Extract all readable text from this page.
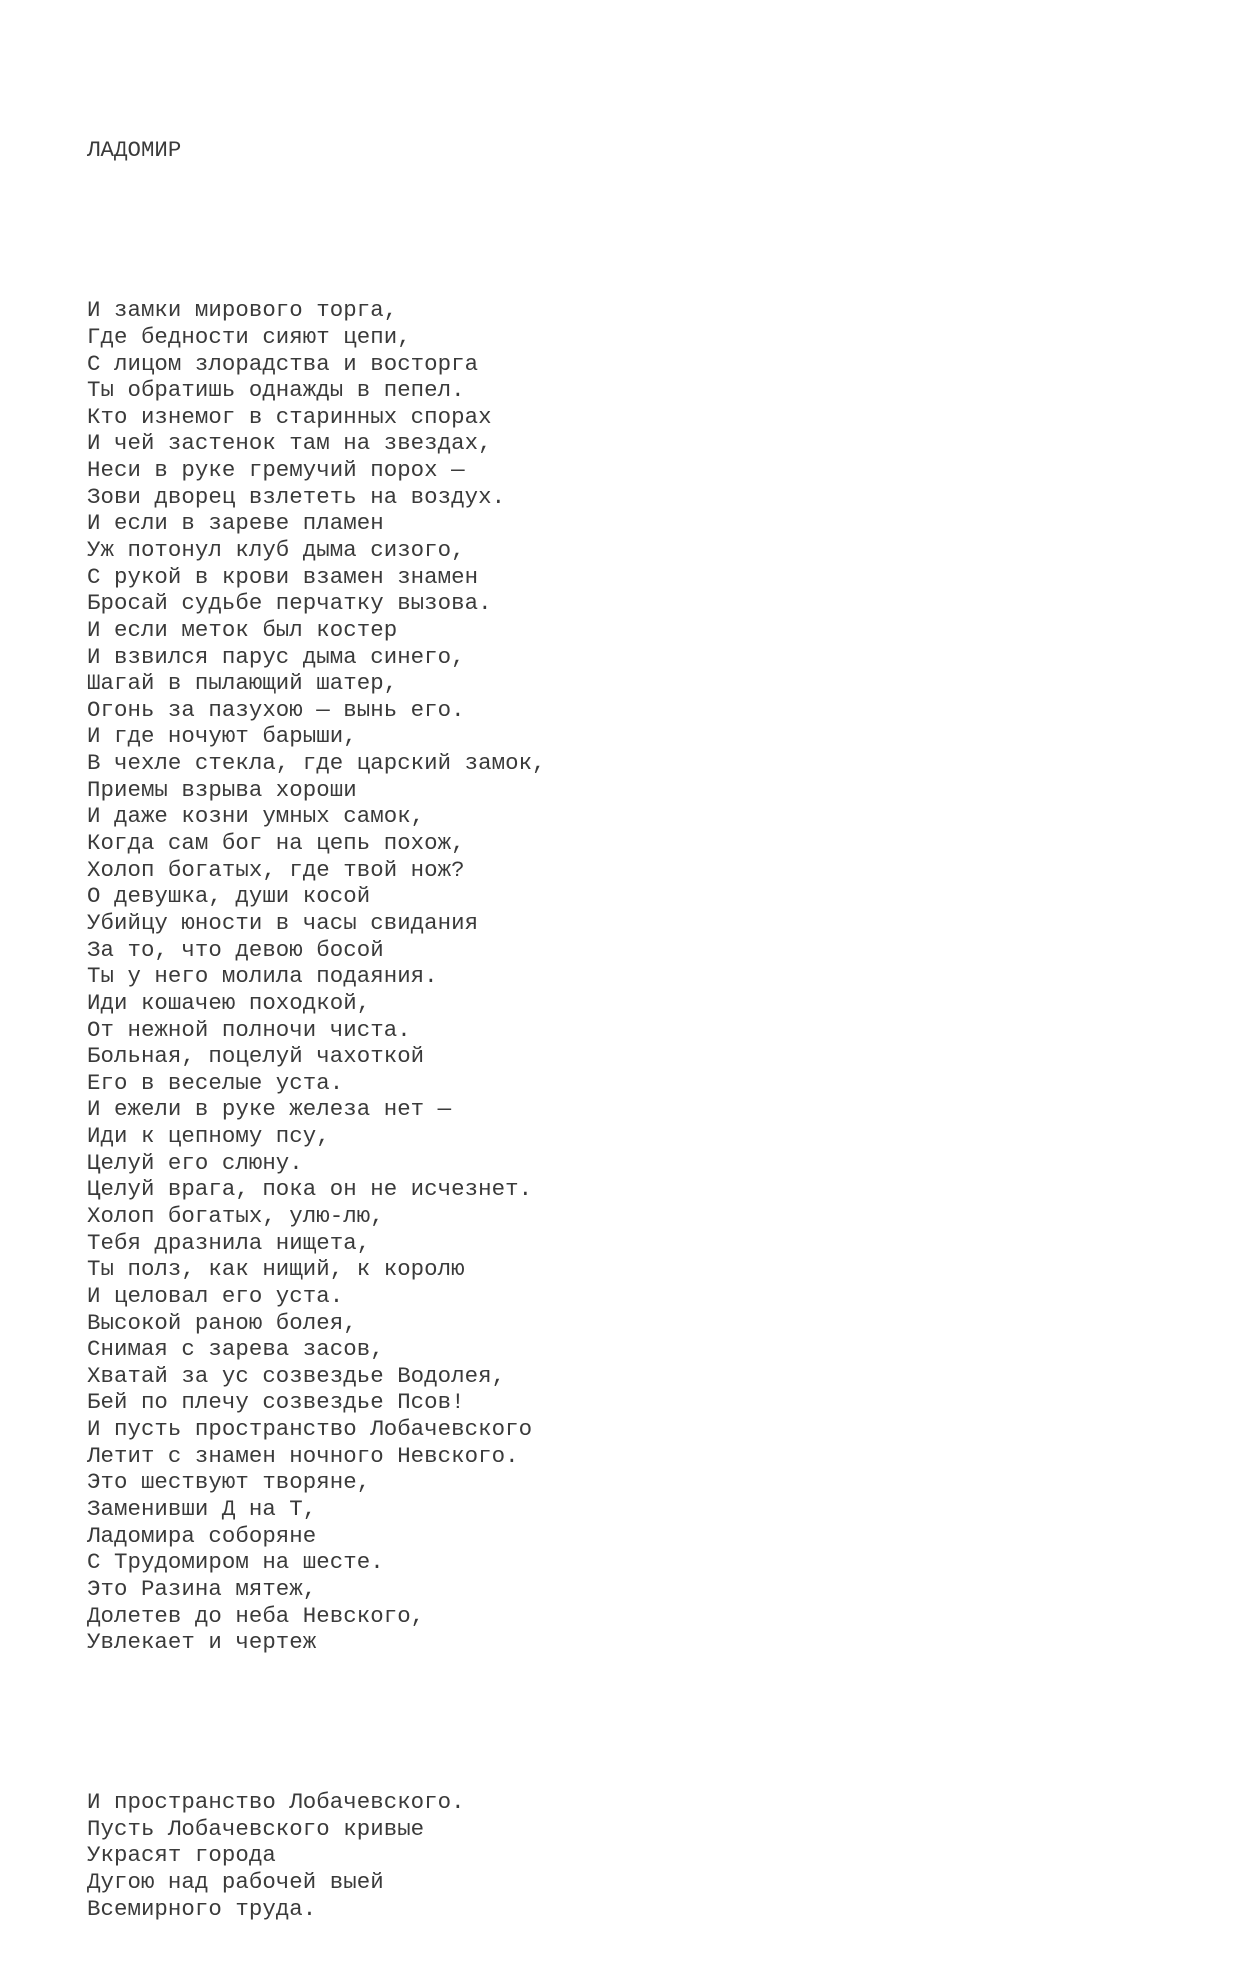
ЛАДОМИР

И замки мирового торга,
Где бедности сияют цепи,
С лицом злорадства и восторга
Ты обратишь однажды в пепел.
Кто изнемог в старинных спорах
И чей застенок там на звездах,
Неси в руке гремучий порох —
Зови дворец взлететь на воздух.
И если в зареве пламен
Уж потонул клуб дыма сизого,
С рукой в крови взамен знамен
Бросай судьбе перчатку вызова.
И если меток был костер
И взвился парус дыма синего,
Шагай в пылающий шатер,
Огонь за пазухою — вынь его.
И где ночуют барыши,
В чехле стекла, где царский замок,
Приемы взрыва хороши
И даже козни умных самок,
Когда сам бог на цепь похож,
Холоп богатых, где твой нож?
О девушка, души косой
Убийцу юности в часы свидания
За то, что девою босой
Ты у него молила подаяния.
Иди кошачею походкой,
От нежной полночи чиста.
Больная, поцелуй чахоткой
Его в веселые уста.
И ежели в руке железа нет —
Иди к цепному псу,
Целуй его слюну.
Целуй врага, пока он не исчезнет.
Холоп богатых, улю-лю,
Тебя дразнила нищета,
Ты полз, как нищий, к королю
И целовал его уста.
Высокой раною болея,
Снимая с зарева засов,
Хватай за ус созвездье Водолея,
Бей по плечу созвездье Псов!
И пусть пространство Лобачевского
Летит с знамен ночного Невского.
Это шествуют творяне,
Заменивши Д на Т,
Ладомира соборяне
С Трудомиром на шесте.
Это Разина мятеж,
Долетев до неба Невского,
Увлекает и чертеж

И пространство Лобачевского.
Пусть Лобачевского кривые
Украсят города
Дугою над рабочей выей
Всемирного труда.
